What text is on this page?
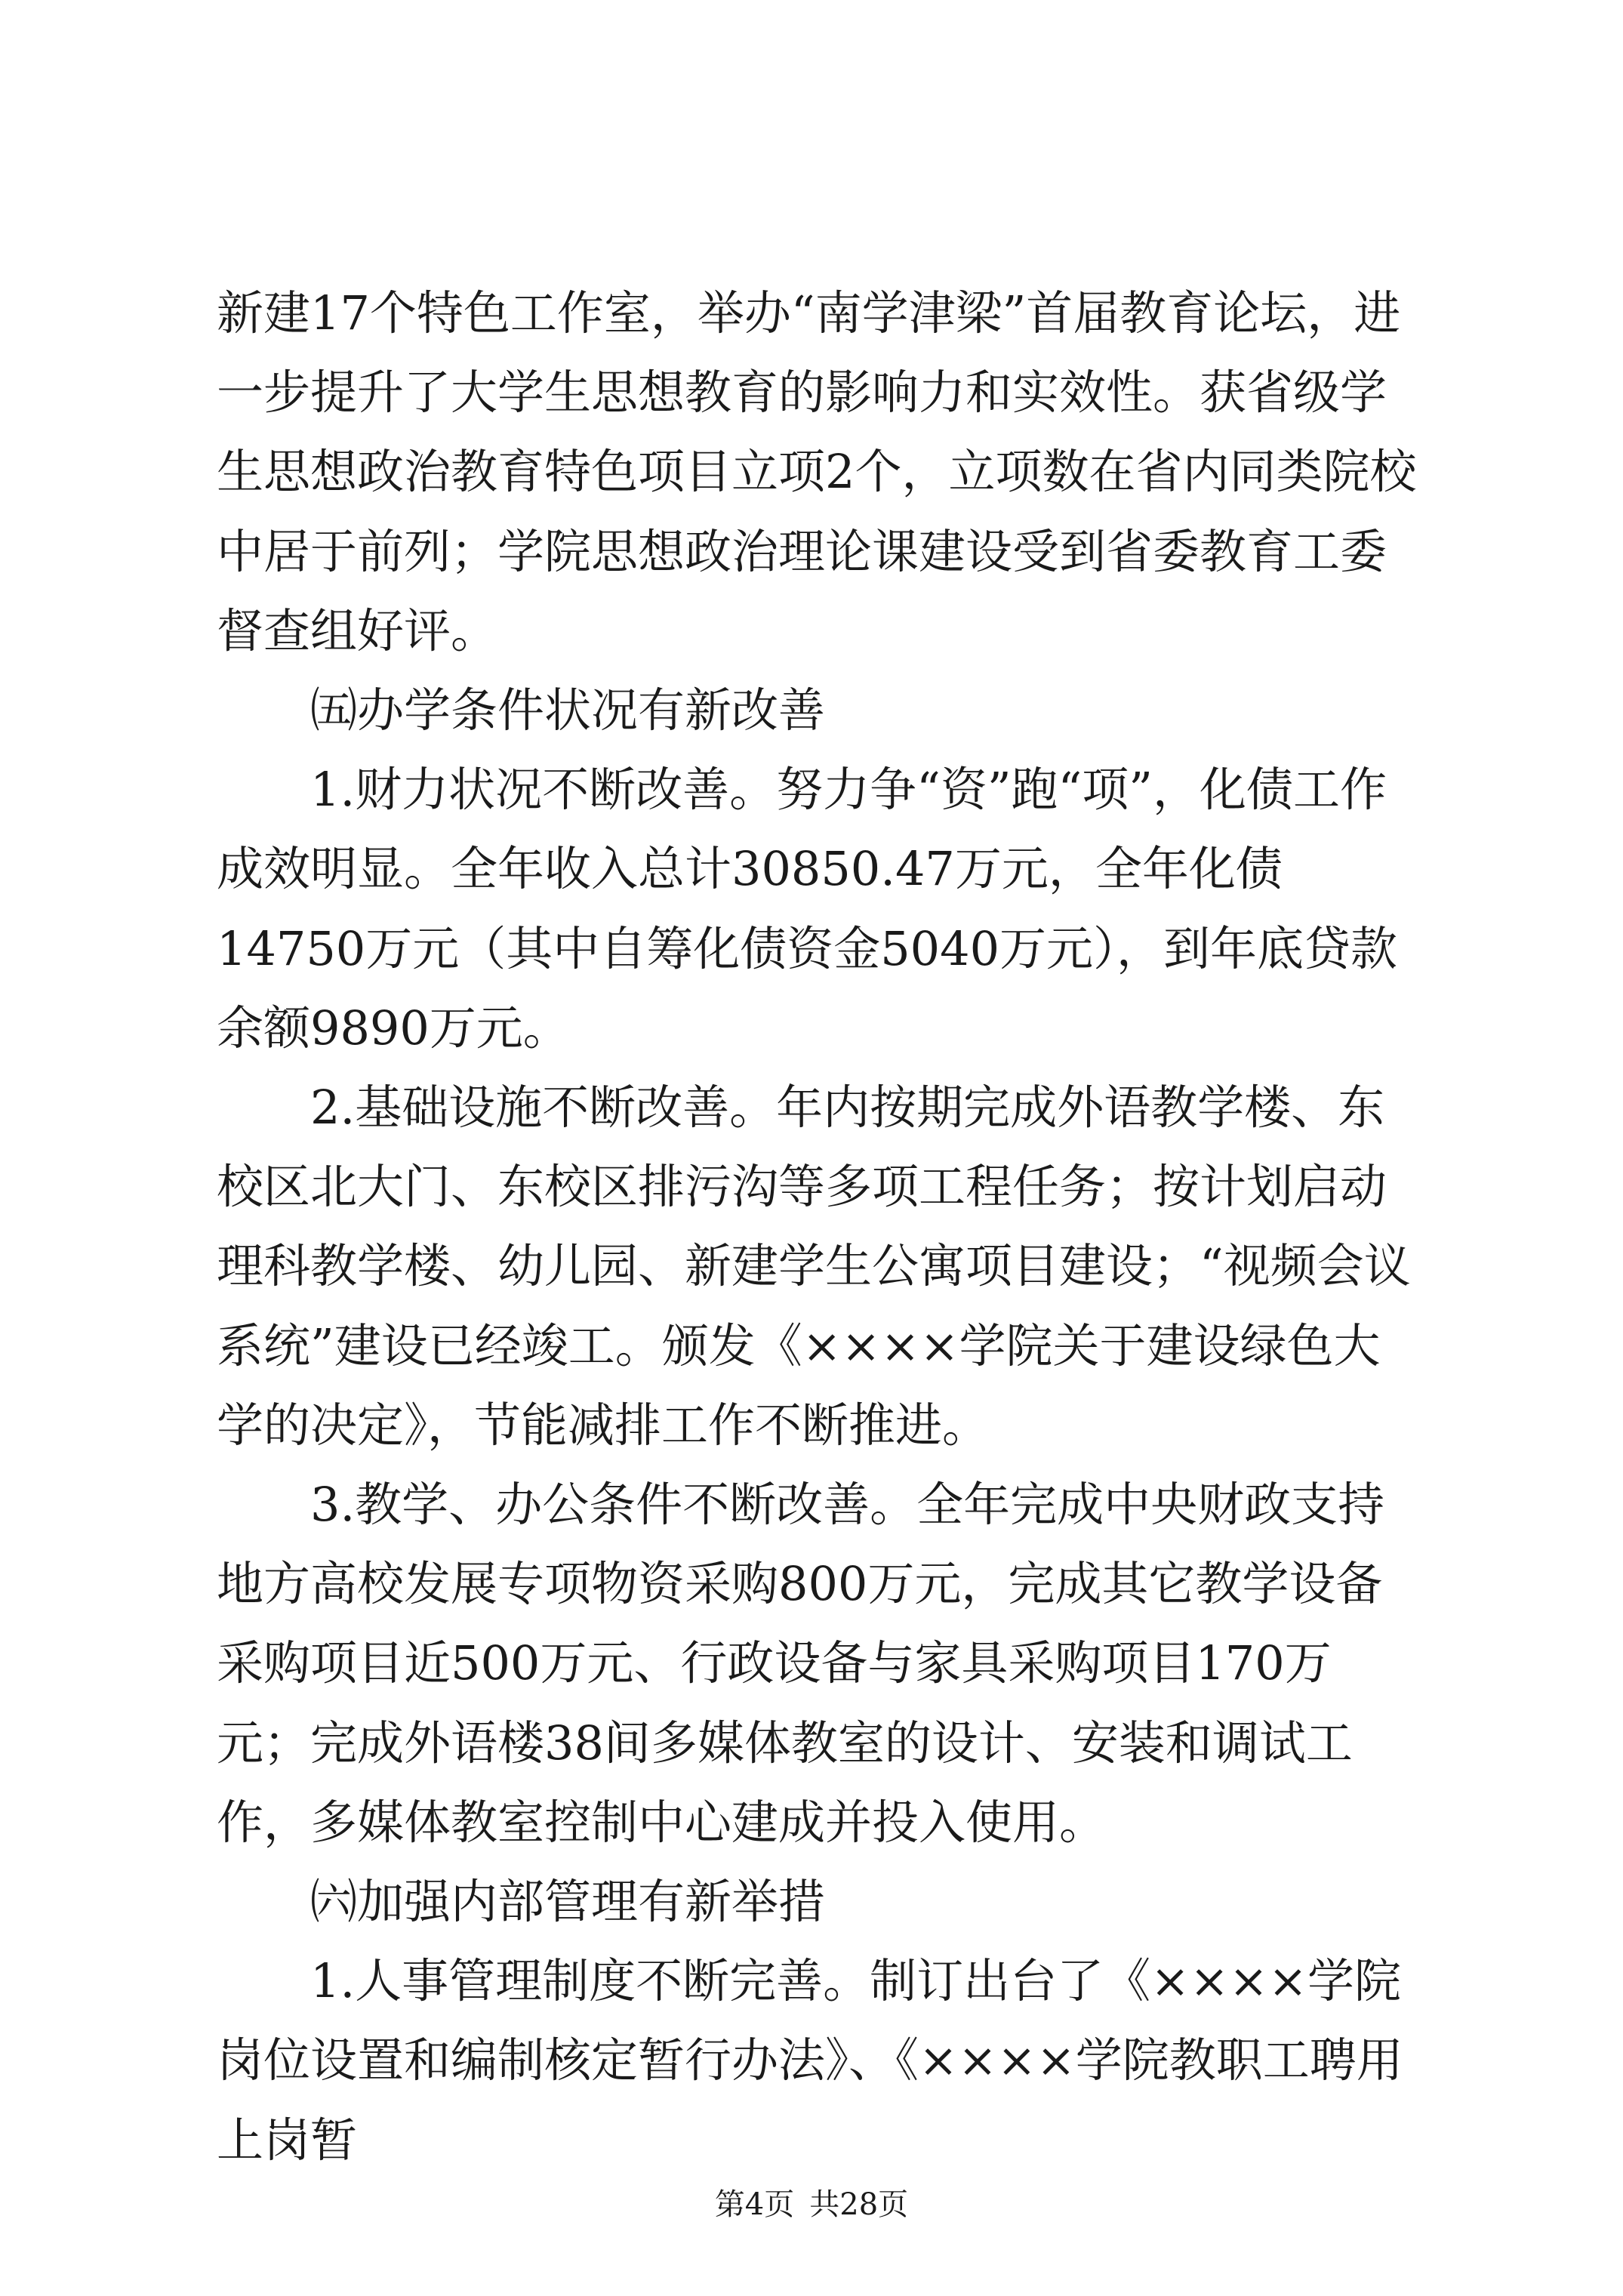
新建17个特色工作室，举办“南学津梁”首届教育论坛，进一步提升了大学生思想教育的影响力和实效性。获省级学生思想政治教育特色项目立项2个，立项数在省内同类院校中居于前列；学院思想政治理论课建设受到省委教育工委督查组好评。

㈤办学条件状况有新改善

1.财力状况不断改善。努力争“资”跑“项”，化债工作成效明显。全年收入总计30850.47万元，全年化债14750万元（其中自筹化债资金5040万元），到年底贷款余额9890万元。

2.基础设施不断改善。年内按期完成外语教学楼、东校区北大门、东校区排污沟等多项工程任务；按计划启动理科教学楼、幼儿园、新建学生公寓项目建设；“视频会议系统”建设已经竣工。颁发《××××学院关于建设绿色大学的决定》，节能减排工作不断推进。

3.教学、办公条件不断改善。全年完成中央财政支持地方高校发展专项物资采购800万元，完成其它教学设备采购项目近500万元、行政设备与家具采购项目170万元；完成外语楼38间多媒体教室的设计、安装和调试工作，多媒体教室控制中心建成并投入使用。

㈥加强内部管理有新举措

1.人事管理制度不断完善。制订出台了《××××学院岗位设置和编制核定暂行办法》、《××××学院教职工聘用上岗暂

第4页 共28页
